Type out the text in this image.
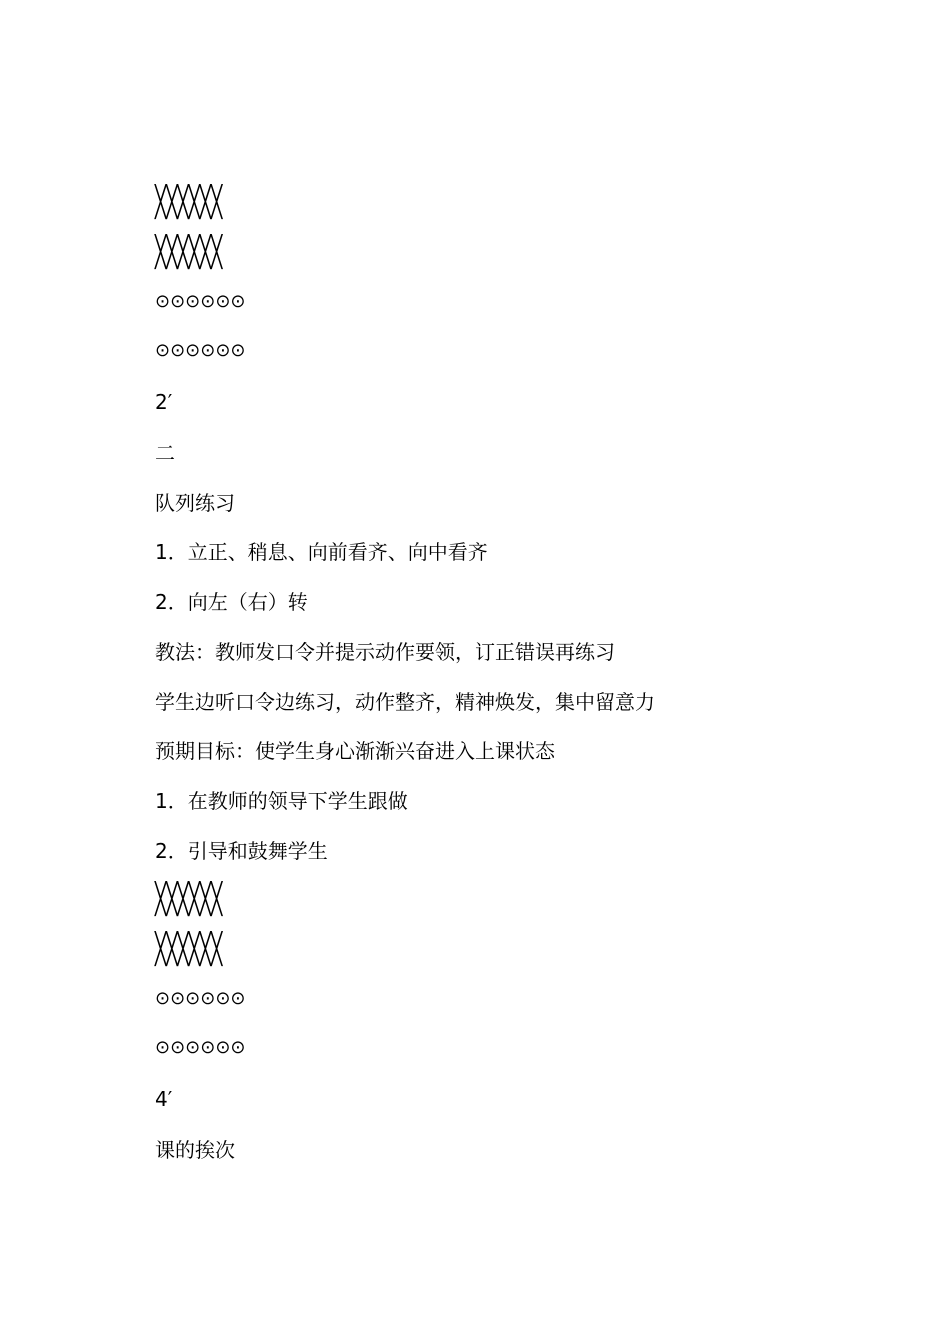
╳╳╳╳╳╳
╳╳╳╳╳╳
⊙⊙⊙⊙⊙⊙
⊙⊙⊙⊙⊙⊙
2′
二
队列练习
1．立正、稍息、向前看齐、向中看齐
2．向左（右）转
教法：教师发口令并提示动作要领，订正错误再练习
学生边听口令边练习，动作整齐，精神焕发，集中留意力
预期目标：使学生身心渐渐兴奋进入上课状态
1．在教师的领导下学生跟做
2．引导和鼓舞学生
╳╳╳╳╳╳
╳╳╳╳╳╳
⊙⊙⊙⊙⊙⊙
⊙⊙⊙⊙⊙⊙
4′
课的挨次
